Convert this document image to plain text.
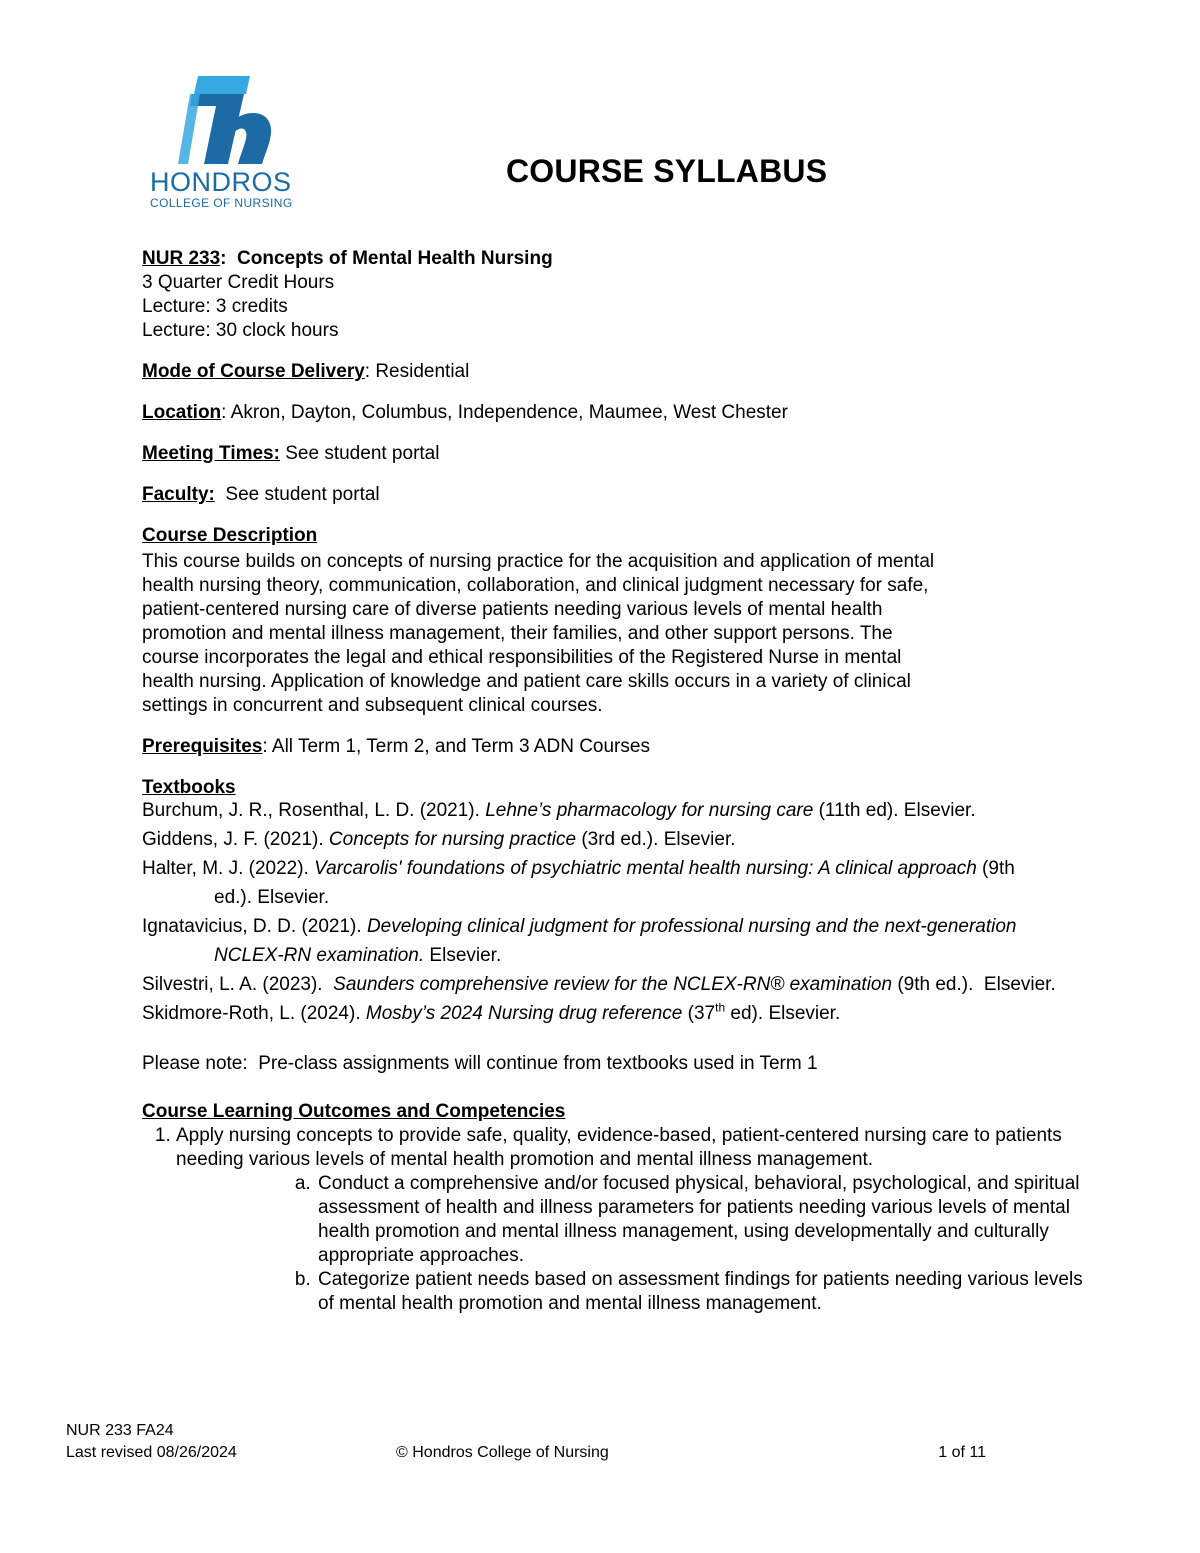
HONDROS
COLLEGE OF NURSING
COURSE SYLLABUS

NUR 233:  Concepts of Mental Health Nursing

3 Quarter Credit Hours

Lecture: 3 credits

Lecture: 30 clock hours

Mode of Course Delivery: Residential

Location: Akron, Dayton, Columbus, Independence, Maumee, West Chester

Meeting Times: See student portal

Faculty:  See student portal

Course Description

This course builds on concepts of nursing practice for the acquisition and application of mental
health nursing theory, communication, collaboration, and clinical judgment necessary for safe,
patient-centered nursing care of diverse patients needing various levels of mental health
promotion and mental illness management, their families, and other support persons. The
course incorporates the legal and ethical responsibilities of the Registered Nurse in mental
health nursing. Application of knowledge and patient care skills occurs in a variety of clinical
settings in concurrent and subsequent clinical courses.

Prerequisites: All Term 1, Term 2, and Term 3 ADN Courses

Textbooks

Burchum, J. R., Rosenthal, L. D. (2021). Lehne’s pharmacology for nursing care (11th ed). Elsevier.
Giddens, J. F. (2021). Concepts for nursing practice (3rd ed.). Elsevier.
Halter, M. J. (2022). Varcarolis' foundations of psychiatric mental health nursing: A clinical approach (9th ed.). Elsevier.
Ignatavicius, D. D. (2021). Developing clinical judgment for professional nursing and the next-generation NCLEX-RN examination. Elsevier.
Silvestri, L. A. (2023).  Saunders comprehensive review for the NCLEX-RN® examination (9th ed.).  Elsevier.
Skidmore-Roth, L. (2024). Mosby’s 2024 Nursing drug reference (37th ed). Elsevier.

Please note:  Pre-class assignments will continue from textbooks used in Term 1

Course Learning Outcomes and Competencies

1. Apply nursing concepts to provide safe, quality, evidence-based, patient-centered nursing care to patients needing various levels of mental health promotion and mental illness management.
a. Conduct a comprehensive and/or focused physical, behavioral, psychological, and spiritual assessment of health and illness parameters for patients needing various levels of mental health promotion and mental illness management, using developmentally and culturally appropriate approaches.
b. Categorize patient needs based on assessment findings for patients needing various levels of mental health promotion and mental illness management.
NUR 233 FA24
Last revised 08/26/2024	© Hondros College of Nursing	1 of 11
